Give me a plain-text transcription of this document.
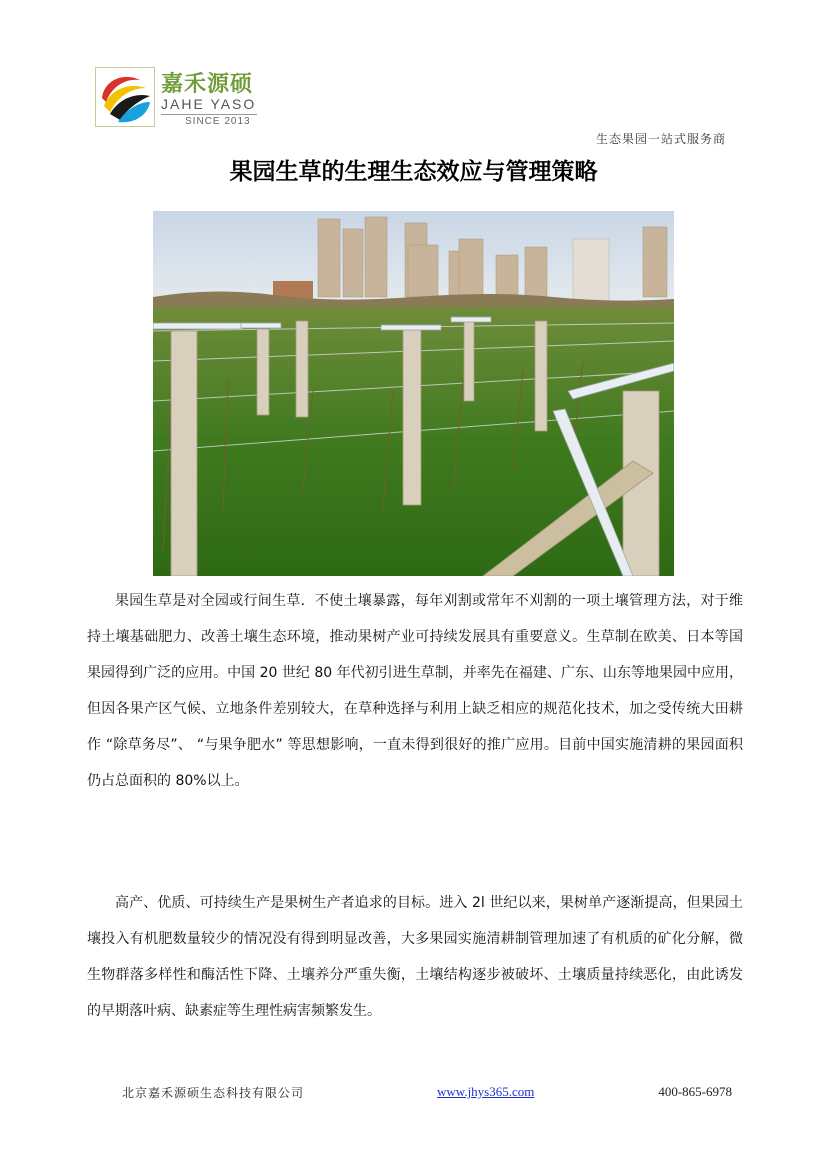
嘉禾源硕
JAHE YASO
SINCE 2013
生态果园一站式服务商
果园生草的生理生态效应与管理策略

果园生草是对全园或行间生草．不使土壤暴露，每年刈割或常年不刈割的一项土壤管理方法，对于维持土壤基础肥力、改善土壤生态环境，推动果树产业可持续发展具有重要意义。生草制在欧美、日本等国果园得到广泛的应用。中国 20 世纪 80 年代初引进生草制，并率先在福建、广东、山东等地果园中应用，但因各果产区气候、立地条件差别较大，在草种选择与利用上缺乏相应的规范化技术，加之受传统大田耕作 “除草务尽”、 “与果争肥水” 等思想影响，一直未得到很好的推广应用。目前中国实施清耕的果园面积仍占总面积的 80%以上。

高产、优质、可持续生产是果树生产者追求的目标。进入 2l 世纪以来，果树单产逐渐提高，但果园土壤投入有机肥数量较少的情况没有得到明显改善，大多果园实施清耕制管理加速了有机质的矿化分解，微生物群落多样性和酶活性下降、土壤养分严重失衡，土壤结构逐步被破坏、土壤质量持续恶化，由此诱发的早期落叶病、缺素症等生理性病害频繁发生。

北京嘉禾源硕生态科技有限公司	www.jhys365.com	400-865-6978
